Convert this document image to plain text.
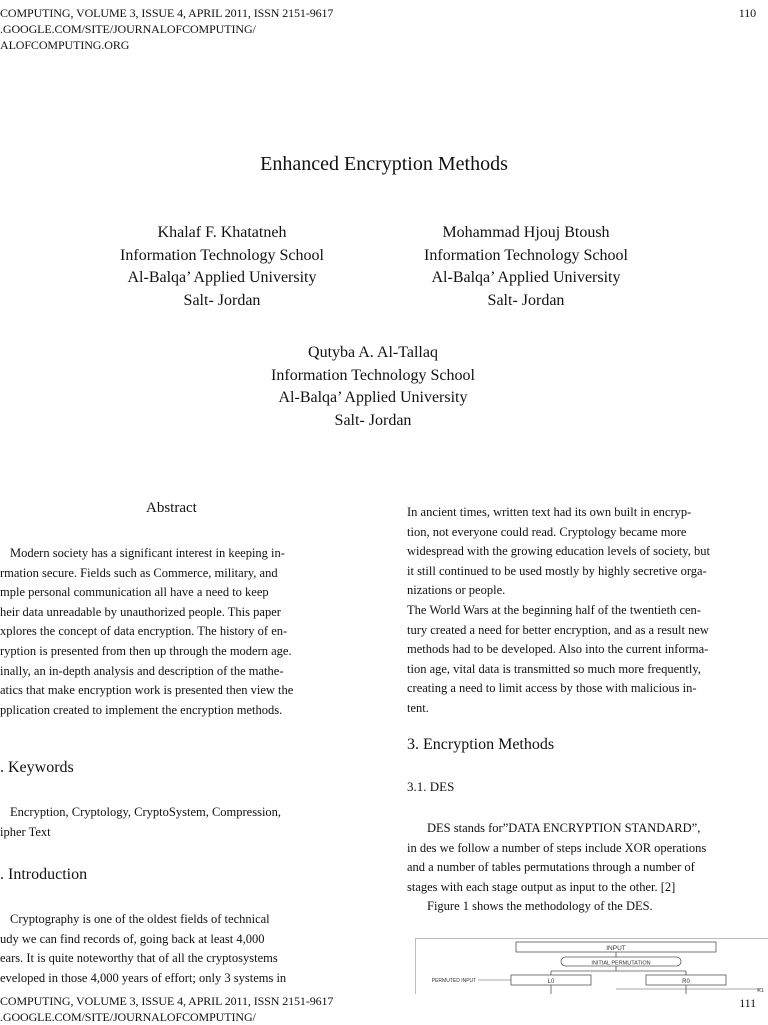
COMPUTING, VOLUME 3, ISSUE 4, APRIL 2011, ISSN 2151-9617
.GOOGLE.COM/SITE/JOURNALOFCOMPUTING/
ALOFCOMPUTING.ORG
110
Enhanced Encryption Methods
Khalaf F. Khatatneh
Information Technology School
Al-Balqa’ Applied University
Salt- Jordan
Mohammad Hjouj Btoush
Information Technology School
Al-Balqa’ Applied University
Salt- Jordan
Qutyba A. Al-Tallaq
Information Technology School
Al-Balqa’ Applied University
Salt- Jordan
Abstract
Modern society has a significant interest in keeping in-
rmation secure. Fields such as Commerce, military, and
mple personal communication all have a need to keep
heir data unreadable by unauthorized people. This paper
xplores the concept of data encryption. The history of en-
ryption is presented from then up through the modern age.
inally, an in-depth analysis and description of the mathe-
atics that make encryption work is presented then view the
pplication created to implement the encryption methods.
. Keywords
Encryption, Cryptology, CryptoSystem, Compression,
ipher Text
. Introduction
Cryptography is one of the oldest fields of technical
udy we can find records of, going back at least 4,000
ears. It is quite noteworthy that of all the cryptosystems
eveloped in those 4,000 years of effort; only 3 systems in
In ancient times, written text had its own built in encryp-
tion, not everyone could read. Cryptology became more
widespread with the growing education levels of society, but
it still continued to be used mostly by highly secretive orga-
nizations or people.
The World Wars at the beginning half of the twentieth cen-
tury created a need for better encryption, and as a result new
methods had to be developed. Also into the current informa-
tion age, vital data is transmitted so much more frequently,
creating a need to limit access by those with malicious in-
tent.
3. Encryption Methods
3.1. DES
DES stands for”DATA ENCRYPTION STANDARD”,
in des we follow a number of steps include XOR operations
and a number of tables permutations through a number of
stages with each stage output as input to the other. [2]
Figure 1 shows the methodology of the DES.
INPUT
INITIAL PERMUTATION
L0	R0
PERMUTED INPUT
K1
COMPUTING, VOLUME 3, ISSUE 4, APRIL 2011, ISSN 2151-9617
.GOOGLE.COM/SITE/JOURNALOFCOMPUTING/
111
